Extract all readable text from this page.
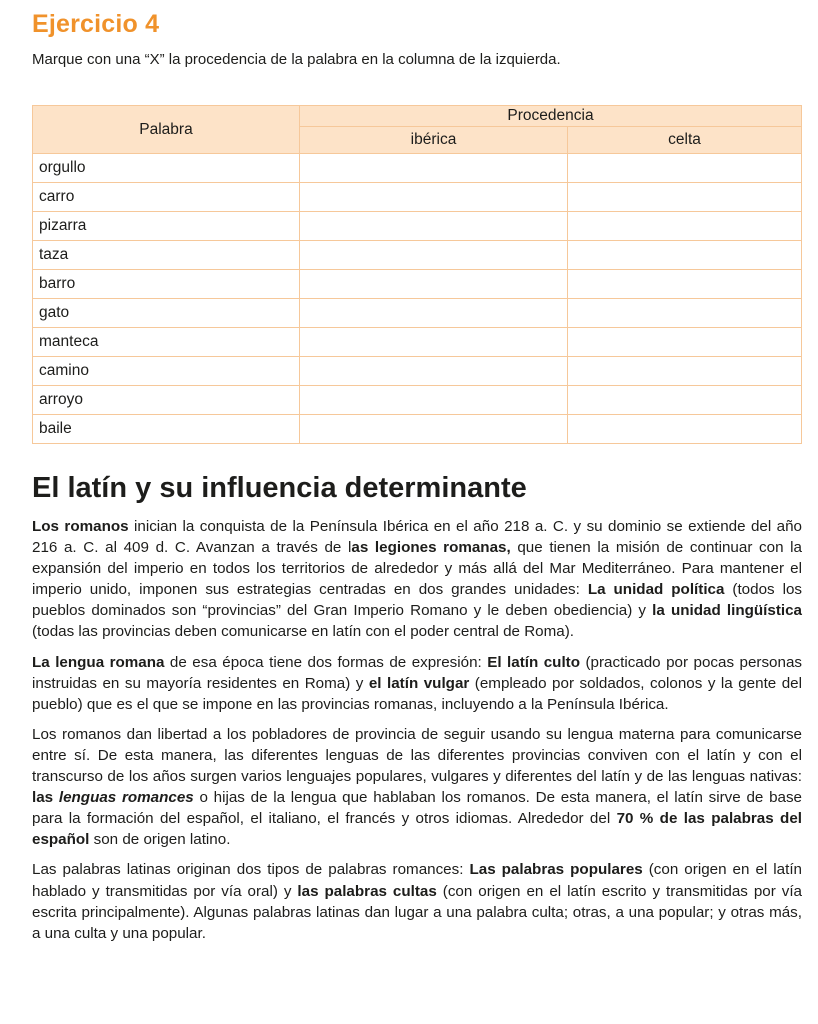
Ejercicio 4

Marque con una “X” la procedencia de la palabra en la columna de la izquierda.

Palabra	Procedencia	
	ibérica	celta
orgullo		
carro		
pizarra		
taza		
barro		
gato		
manteca		
camino		
arroyo		
baile		
El latín y su influencia determinante

Los romanos inician la conquista de la Península Ibérica en el año 218 a. C. y su dominio se extiende del año 216 a. C. al 409 d. C. Avanzan a través de las legiones romanas, que tienen la misión de continuar con la expansión del imperio en todos los territorios de alrededor y más allá del Mar Mediterráneo. Para mantener el imperio unido, imponen sus estrategias centradas en dos grandes unidades: La unidad política (todos los pueblos dominados son “provincias” del Gran Imperio Romano y le deben obediencia) y la unidad lingüística (todas las provincias deben comunicarse en latín con el poder central de Roma).

La lengua romana de esa época tiene dos formas de expresión: El latín culto (practicado por pocas personas instruidas en su mayoría residentes en Roma) y el latín vulgar (empleado por soldados, colonos y la gente del pueblo) que es el que se impone en las provincias romanas, incluyendo a la Península Ibérica.

Los romanos dan libertad a los pobladores de provincia de seguir usando su lengua materna para comunicarse entre sí. De esta manera, las diferentes lenguas de las diferentes provincias conviven con el latín y con el transcurso de los años surgen varios lenguajes populares, vulgares y diferentes del latín y de las lenguas nativas: las lenguas romances o hijas de la lengua que hablaban los romanos. De esta manera, el latín sirve de base para la formación del español, el italiano, el francés y otros idiomas. Alrededor del 70 % de las palabras del español son de origen latino.

Las palabras latinas originan dos tipos de palabras romances: Las palabras populares (con origen en el latín hablado y transmitidas por vía oral) y las palabras cultas (con origen en el latín escrito y transmitidas por vía escrita principalmente). Algunas palabras latinas dan lugar a una palabra culta; otras, a una popular; y otras más, a una culta y una popular.
